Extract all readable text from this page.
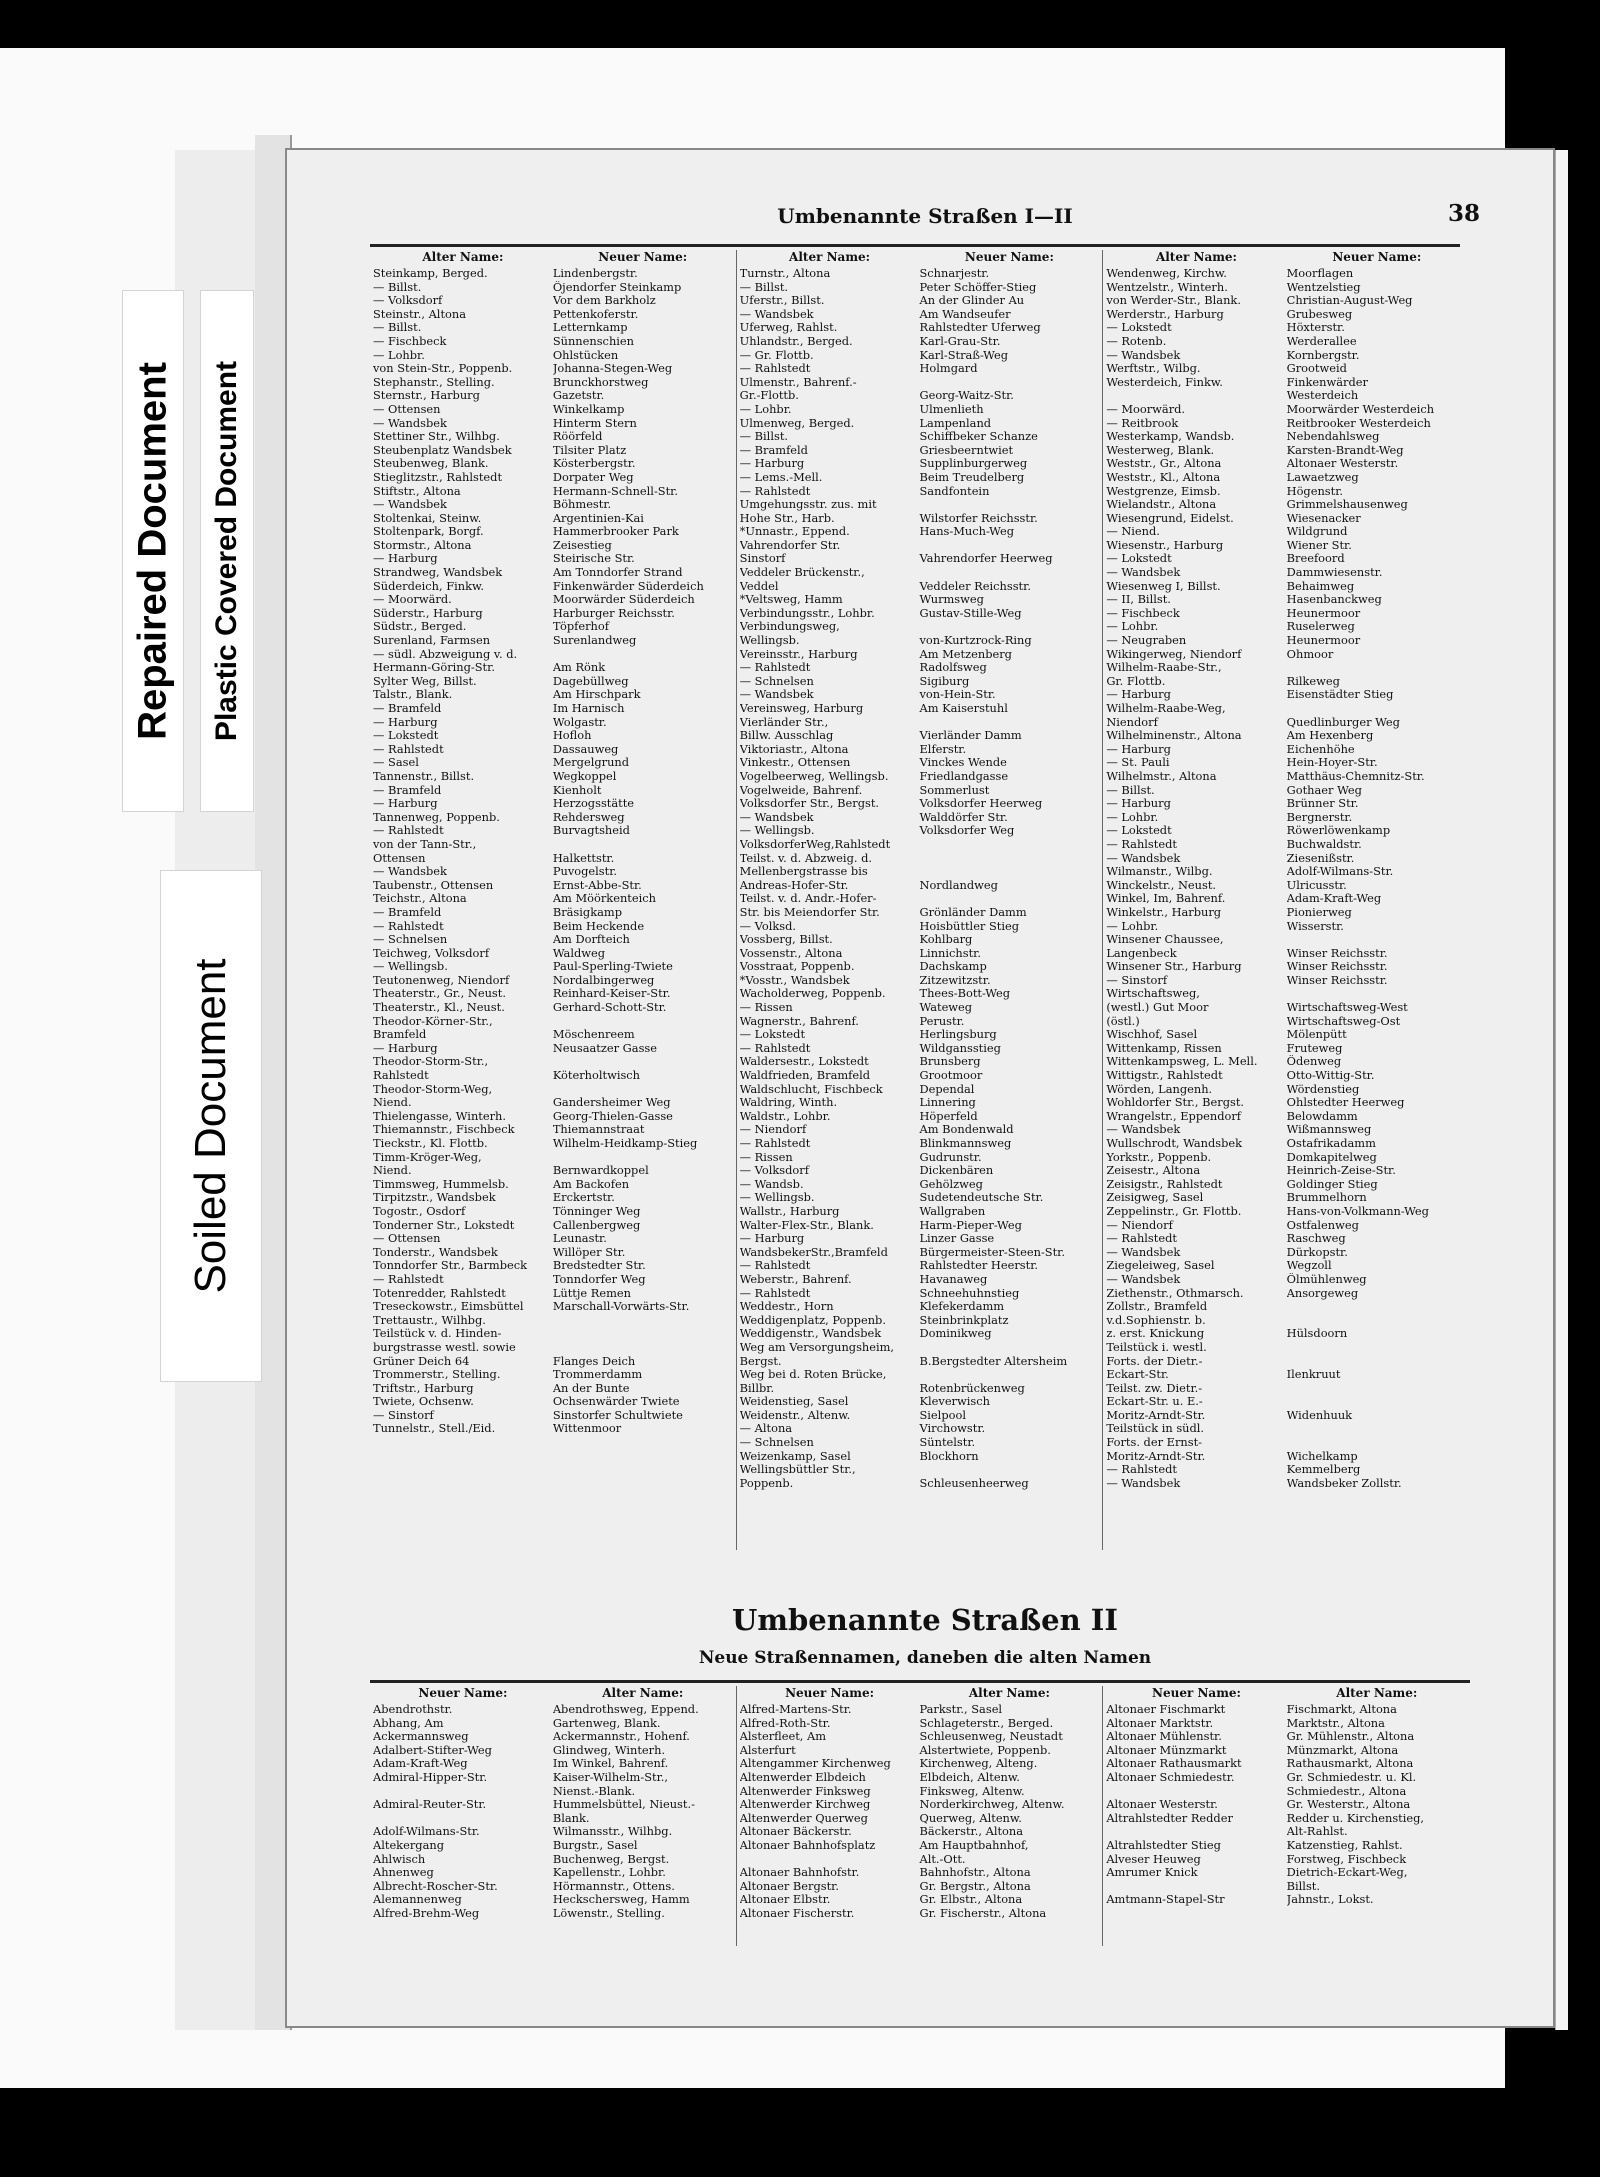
Repaired Document Plastic Covered Document
Soiled Document
Umbenannte Straßen I—II	38
Alter Name:	Neuer Name:
Steinkamp, Berged.	Lindenbergstr.
— Billst.	Öjendorfer Steinkamp
— Volksdorf	Vor dem Barkholz
Steinstr., Altona	Pettenkoferstr.
— Billst.	Letternkamp
— Fischbeck	Sünnenschien
— Lohbr.	Ohlstücken
von Stein-Str., Poppenb.	Johanna-Stegen-Weg
Stephanstr., Stelling.	Brunckhorstweg
Sternstr., Harburg	Gazetstr.
— Ottensen	Winkelkamp
— Wandsbek	Hinterm Stern
Stettiner Str., Wilhbg.	Röörfeld
Steubenplatz Wandsbek	Tilsiter Platz
Steubenweg, Blank.	Kösterbergstr.
Stieglitzstr., Rahlstedt	Dorpater Weg
Stiftstr., Altona	Hermann-Schnell-Str.
— Wandsbek	Böhmestr.
Stoltenkai, Steinw.	Argentinien-Kai
Stoltenpark, Borgf.	Hammerbrooker Park
Stormstr., Altona	Zeisestieg
— Harburg	Steirische Str.
Strandweg, Wandsbek	Am Tonndorfer Strand
Süderdeich, Finkw.	Finkenwärder Süderdeich
— Moorwärd.	Moorwärder Süderdeich
Süderstr., Harburg	Harburger Reichsstr.
Südstr., Berged.	Töpferhof
Surenland, Farmsen	Surenlandweg
— südl. Abzweigung v. d.
Hermann-Göring-Str.	Am Rönk
Sylter Weg, Billst.	Dagebüllweg
Talstr., Blank.	Am Hirschpark
— Bramfeld	Im Harnisch
— Harburg	Wolgastr.
— Lokstedt	Hofloh
— Rahlstedt	Dassauweg
— Sasel	Mergelgrund
Tannenstr., Billst.	Wegkoppel
— Bramfeld	Kienholt
— Harburg	Herzogsstätte
Tannenweg, Poppenb.	Rehdersweg
— Rahlstedt	Burvagtsheid
von der Tann-Str.,
Ottensen	Halkettstr.
— Wandsbek	Puvogelstr.
Taubenstr., Ottensen	Ernst-Abbe-Str.
Teichstr., Altona	Am Möörkenteich
— Bramfeld	Bräsigkamp
— Rahlstedt	Beim Heckende
— Schnelsen	Am Dorfteich
Teichweg, Volksdorf	Waldweg
— Wellingsb.	Paul-Sperling-Twiete
Teutonenweg, Niendorf	Nordalbingerweg
Theaterstr., Gr., Neust.	Reinhard-Keiser-Str.
Theaterstr., Kl., Neust.	Gerhard-Schott-Str.
Theodor-Körner-Str.,
Bramfeld	Möschenreem
— Harburg	Neusaatzer Gasse
Theodor-Storm-Str.,
Rahlstedt	Köterholtwisch
Theodor-Storm-Weg,
Niend.	Gandersheimer Weg
Thielengasse, Winterh.	Georg-Thielen-Gasse
Thiemannstr., Fischbeck	Thiemannstraat
Tieckstr., Kl. Flottb.	Wilhelm-Heidkamp-Stieg
Timm-Kröger-Weg,
Niend.	Bernwardkoppel
Timmsweg, Hummelsb.	Am Backofen
Tirpitzstr., Wandsbek	Erckertstr.
Togostr., Osdorf	Tönninger Weg
Tonderner Str., Lokstedt	Callenbergweg
— Ottensen	Leunastr.
Tonderstr., Wandsbek	Willöper Str.
Tonndorfer Str., Barmbeck	Bredstedter Str.
— Rahlstedt	Tonndorfer Weg
Totenredder, Rahlstedt	Lüttje Remen
Treseckowstr., Eimsbüttel	Marschall-Vorwärts-Str.
Trettaustr., Wilhbg.
Teilstück v. d. Hinden-
burgstrasse westl. sowie
Grüner Deich 64	Flanges Deich
Trommerstr., Stelling.	Trommerdamm
Triftstr., Harburg	An der Bunte
Twiete, Ochsenw.	Ochsenwärder Twiete
— Sinstorf	Sinstorfer Schultwiete
Tunnelstr., Stell./Eid.	Wittenmoor
Alter Name:	Neuer Name:
Turnstr., Altona	Schnarjestr.
— Billst.	Peter Schöffer-Stieg
Uferstr., Billst.	An der Glinder Au
— Wandsbek	Am Wandseufer
Uferweg, Rahlst.	Rahlstedter Uferweg
Uhlandstr., Berged.	Karl-Grau-Str.
— Gr. Flottb.	Karl-Straß-Weg
— Rahlstedt	Holmgard
Ulmenstr., Bahrenf.-
Gr.-Flottb.	Georg-Waitz-Str.
— Lohbr.	Ulmenlieth
Ulmenweg, Berged.	Lampenland
— Billst.	Schiffbeker Schanze
— Bramfeld	Griesbeerntwiet
— Harburg	Supplinburgerweg
— Lems.-Mell.	Beim Treudelberg
— Rahlstedt	Sandfontein
Umgehungsstr. zus. mit
Hohe Str., Harb.	Wilstorfer Reichsstr.
*Unnastr., Eppend.	Hans-Much-Weg
Vahrendorfer Str.
Sinstorf	Vahrendorfer Heerweg
Veddeler Brückenstr.,
Veddel	Veddeler Reichsstr.
*Veltsweg, Hamm	Wurmsweg
Verbindungsstr., Lohbr.	Gustav-Stille-Weg
Verbindungsweg,
Wellingsb.	von-Kurtzrock-Ring
Vereinsstr., Harburg	Am Metzenberg
— Rahlstedt	Radolfsweg
— Schnelsen	Sigiburg
— Wandsbek	von-Hein-Str.
Vereinsweg, Harburg	Am Kaiserstuhl
Vierländer Str.,
Billw. Ausschlag	Vierländer Damm
Viktoriastr., Altona	Elferstr.
Vinkestr., Ottensen	Vinckes Wende
Vogelbeerweg, Wellingsb.	Friedlandgasse
Vogelweide, Bahrenf.	Sommerlust
Volksdorfer Str., Bergst.	Volksdorfer Heerweg
— Wandsbek	Walddörfer Str.
— Wellingsb.	Volksdorfer Weg
VolksdorferWeg,Rahlstedt
Teilst. v. d. Abzweig. d.
Mellenbergstrasse bis
Andreas-Hofer-Str.	Nordlandweg
Teilst. v. d. Andr.-Hofer-
Str. bis Meiendorfer Str.	Grönländer Damm
— Volksd.	Hoisbüttler Stieg
Vossberg, Billst.	Kohlbarg
Vossenstr., Altona	Linnichstr.
Vosstraat, Poppenb.	Dachskamp
*Vosstr., Wandsbek	Zitzewitzstr.
Wacholderweg, Poppenb.	Thees-Bott-Weg
— Rissen	Wateweg
Wagnerstr., Bahrenf.	Perustr.
— Lokstedt	Herlingsburg
— Rahlstedt	Wildgansstieg
Waldersestr., Lokstedt	Brunsberg
Waldfrieden, Bramfeld	Grootmoor
Waldschlucht, Fischbeck	Dependal
Waldring, Winth.	Linnering
Waldstr., Lohbr.	Höperfeld
— Niendorf	Am Bondenwald
— Rahlstedt	Blinkmannsweg
— Rissen	Gudrunstr.
— Volksdorf	Dickenbären
— Wandsb.	Gehölzweg
— Wellingsb.	Sudetendeutsche Str.
Wallstr., Harburg	Wallgraben
Walter-Flex-Str., Blank.	Harm-Pieper-Weg
— Harburg	Linzer Gasse
WandsbekerStr.,Bramfeld	Bürgermeister-Steen-Str.
— Rahlstedt	Rahlstedter Heerstr.
Weberstr., Bahrenf.	Havanaweg
— Rahlstedt	Schneehuhnstieg
Weddestr., Horn	Klefekerdamm
Weddigenplatz, Poppenb.	Steinbrinkplatz
Weddigenstr., Wandsbek	Dominikweg
Weg am Versorgungsheim,
Bergst.	B.Bergstedter Altersheim
Weg bei d. Roten Brücke,
Billbr.	Rotenbrückenweg
Weidenstieg, Sasel	Kleverwisch
Weidenstr., Altenw.	Sielpool
— Altona	Virchowstr.
— Schnelsen	Süntelstr.
Weizenkamp, Sasel	Blockhorn
Wellingsbüttler Str.,
Poppenb.	Schleusenheerweg
Alter Name:	Neuer Name:
Wendenweg, Kirchw.	Moorflagen
Wentzelstr., Winterh.	Wentzelstieg
von Werder-Str., Blank.	Christian-August-Weg
Werderstr., Harburg	Grubesweg
— Lokstedt	Höxterstr.
— Rotenb.	Werderallee
— Wandsbek	Kornbergstr.
Werftstr., Wilbg.	Grootweid
Westerdeich, Finkw.	Finkenwärder
Westerdeich
— Moorwärd.	Moorwärder Westerdeich
— Reitbrook	Reitbrooker Westerdeich
Westerkamp, Wandsb.	Nebendahlsweg
Westerweg, Blank.	Karsten-Brandt-Weg
Weststr., Gr., Altona	Altonaer Westerstr.
Weststr., Kl., Altona	Lawaetzweg
Westgrenze, Eimsb.	Högenstr.
Wielandstr., Altona	Grimmelshausenweg
Wiesengrund, Eidelst.	Wiesenacker
— Niend.	Wildgrund
Wiesenstr., Harburg	Wiener Str.
— Lokstedt	Breefoord
— Wandsbek	Dammwiesenstr.
Wiesenweg I, Billst.	Behaimweg
— II, Billst.	Hasenbanckweg
— Fischbeck	Heunermoor
— Lohbr.	Ruselerweg
— Neugraben	Heunermoor
Wikingerweg, Niendorf	Ohmoor
Wilhelm-Raabe-Str.,
Gr. Flottb.	Rilkeweg
— Harburg	Eisenstädter Stieg
Wilhelm-Raabe-Weg,
Niendorf	Quedlinburger Weg
Wilhelminenstr., Altona	Am Hexenberg
— Harburg	Eichenhöhe
— St. Pauli	Hein-Hoyer-Str.
Wilhelmstr., Altona	Matthäus-Chemnitz-Str.
— Billst.	Gothaer Weg
— Harburg	Brünner Str.
— Lohbr.	Bergnerstr.
— Lokstedt	Röwerlöwenkamp
— Rahlstedt	Buchwaldstr.
— Wandsbek	Ziesenißstr.
Wilmanstr., Wilbg.	Adolf-Wilmans-Str.
Winckelstr., Neust.	Ulricusstr.
Winkel, Im, Bahrenf.	Adam-Kraft-Weg
Winkelstr., Harburg	Pionierweg
— Lohbr.	Wisserstr.
Winsener Chaussee,
Langenbeck	Winser Reichsstr.
Winsener Str., Harburg	Winser Reichsstr.
— Sinstorf	Winser Reichsstr.
Wirtschaftsweg,
(westl.) Gut Moor	Wirtschaftsweg-West
(östl.)	Wirtschaftsweg-Ost
Wischhof, Sasel	Mölenpütt
Wittenkamp, Rissen	Fruteweg
Wittenkampsweg, L. Mell.	Ödenweg
Wittigstr., Rahlstedt	Otto-Wittig-Str.
Wörden, Langenh.	Wördenstieg
Wohldorfer Str., Bergst.	Ohlstedter Heerweg
Wrangelstr., Eppendorf	Belowdamm
— Wandsbek	Wißmannsweg
Wullschrodt, Wandsbek	Ostafrikadamm
Yorkstr., Poppenb.	Domkapitelweg
Zeisestr., Altona	Heinrich-Zeise-Str.
Zeisigstr., Rahlstedt	Goldinger Stieg
Zeisigweg, Sasel	Brummelhorn
Zeppelinstr., Gr. Flottb.	Hans-von-Volkmann-Weg
— Niendorf	Ostfalenweg
— Rahlstedt	Raschweg
— Wandsbek	Dürkopstr.
Ziegeleiweg, Sasel	Wegzoll
— Wandsbek	Ölmühlenweg
Ziethenstr., Othmarsch.	Ansorgeweg
Zollstr., Bramfeld
v.d.Sophienstr. b.
z. erst. Knickung	Hülsdoorn
Teilstück i. westl.
Forts. der Dietr.-
Eckart-Str.	Ilenkruut
Teilst. zw. Dietr.-
Eckart-Str. u. E.-
Moritz-Arndt-Str.	Widenhuuk
Teilstück in südl.
Forts. der Ernst-
Moritz-Arndt-Str.	Wichelkamp
— Rahlstedt	Kemmelberg
— Wandsbek	Wandsbeker Zollstr.
Umbenannte Straßen II
Neue Straßennamen, daneben die alten Namen
Neuer Name:	Alter Name:
Abendrothstr.	Abendrothsweg, Eppend.
Abhang, Am	Gartenweg, Blank.
Ackermannsweg	Ackermannstr., Hohenf.
Adalbert-Stifter-Weg	Glindweg, Winterh.
Adam-Kraft-Weg	Im Winkel, Bahrenf.
Admiral-Hipper-Str.	Kaiser-Wilhelm-Str.,
Nienst.-Blank.
Admiral-Reuter-Str.	Hummelsbüttel, Nieust.-
Blank.
Adolf-Wilmans-Str.	Wilmansstr., Wilhbg.
Altekergang	Burgstr., Sasel
Ahlwisch	Buchenweg, Bergst.
Ahnenweg	Kapellenstr., Lohbr.
Albrecht-Roscher-Str.	Hörmannstr., Ottens.
Alemannenweg	Heckschersweg, Hamm
Alfred-Brehm-Weg	Löwenstr., Stelling.
Neuer Name:	Alter Name:
Alfred-Martens-Str.	Parkstr., Sasel
Alfred-Roth-Str.	Schlageterstr., Berged.
Alsterfleet, Am	Schleusenweg, Neustadt
Alsterfurt	Alstertwiete, Poppenb.
Altengammer Kirchenweg	Kirchenweg, Alteng.
Altenwerder Elbdeich	Elbdeich, Altenw.
Altenwerder Finksweg	Finksweg, Altenw.
Altenwerder Kirchweg	Norderkirchweg, Altenw.
Altenwerder Querweg	Querweg, Altenw.
Altonaer Bäckerstr.	Bäckerstr., Altona
Altonaer Bahnhofsplatz	Am Hauptbahnhof,
Alt.-Ott.
Altonaer Bahnhofstr.	Bahnhofstr., Altona
Altonaer Bergstr.	Gr. Bergstr., Altona
Altonaer Elbstr.	Gr. Elbstr., Altona
Altonaer Fischerstr.	Gr. Fischerstr., Altona
Neuer Name:	Alter Name:
Altonaer Fischmarkt	Fischmarkt, Altona
Altonaer Marktstr.	Marktstr., Altona
Altonaer Mühlenstr.	Gr. Mühlenstr., Altona
Altonaer Münzmarkt	Münzmarkt, Altona
Altonaer Rathausmarkt	Rathausmarkt, Altona
Altonaer Schmiedestr.	Gr. Schmiedestr. u. Kl.
Schmiedestr., Altona
Altonaer Westerstr.	Gr. Westerstr., Altona
Altrahlstedter Redder	Redder u. Kirchenstieg,
Alt-Rahlst.
Altrahlstedter Stieg	Katzenstieg, Rahlst.
Alveser Heuweg	Forstweg, Fischbeck
Amrumer Knick	Dietrich-Eckart-Weg,
Billst.
Amtmann-Stapel-Str	Jahnstr., Lokst.
